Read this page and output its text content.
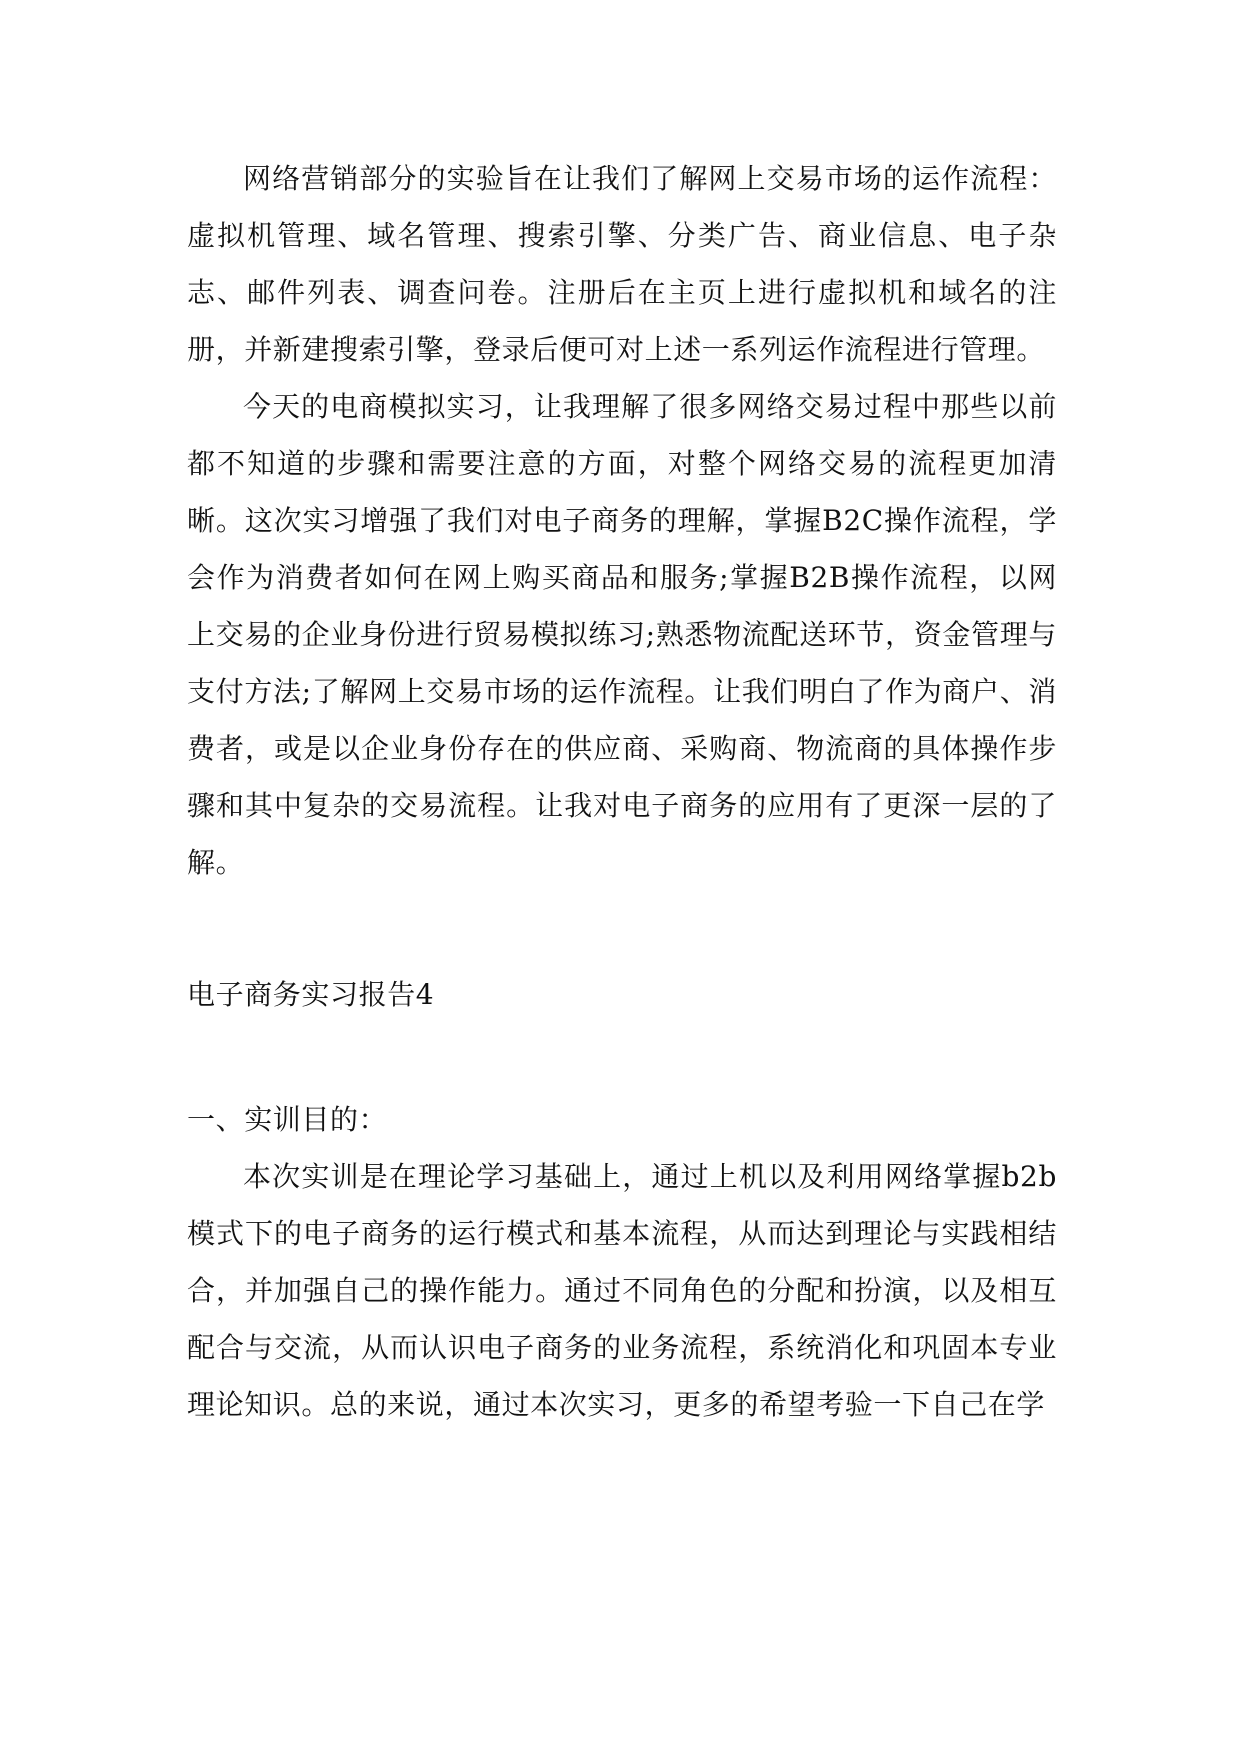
网络营销部分的实验旨在让我们了解网上交易市场的运作流程：虚拟机管理、域名管理、搜索引擎、分类广告、商业信息、电子杂志、邮件列表、调查问卷。注册后在主页上进行虚拟机和域名的注册，并新建搜索引擎，登录后便可对上述一系列运作流程进行管理。

今天的电商模拟实习，让我理解了很多网络交易过程中那些以前都不知道的步骤和需要注意的方面，对整个网络交易的流程更加清晰。这次实习增强了我们对电子商务的理解，掌握B2C操作流程，学会作为消费者如何在网上购买商品和服务;掌握B2B操作流程，以网上交易的企业身份进行贸易模拟练习;熟悉物流配送环节，资金管理与支付方法;了解网上交易市场的运作流程。让我们明白了作为商户、消费者，或是以企业身份存在的供应商、采购商、物流商的具体操作步骤和其中复杂的交易流程。让我对电子商务的应用有了更深一层的了解。

电子商务实习报告4

一、实训目的：

本次实训是在理论学习基础上，通过上机以及利用网络掌握b2b模式下的电子商务的运行模式和基本流程，从而达到理论与实践相结合，并加强自己的操作能力。通过不同角色的分配和扮演，以及相互配合与交流，从而认识电子商务的业务流程，系统消化和巩固本专业理论知识。总的来说，通过本次实习，更多的希望考验一下自己在学
